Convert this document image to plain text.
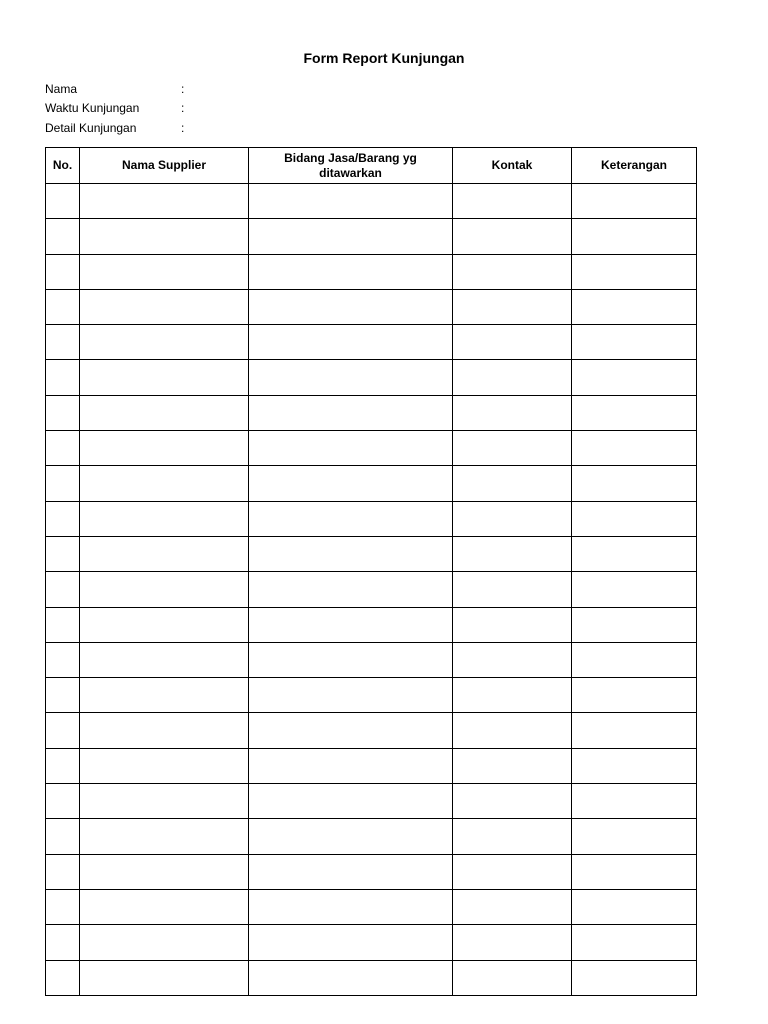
Form Report Kunjungan
Nama	:
Waktu Kunjungan	:
Detail Kunjungan	:
No.	Nama Supplier	Bidang Jasa/Barang yg ditawarkan	Kontak	Keterangan
